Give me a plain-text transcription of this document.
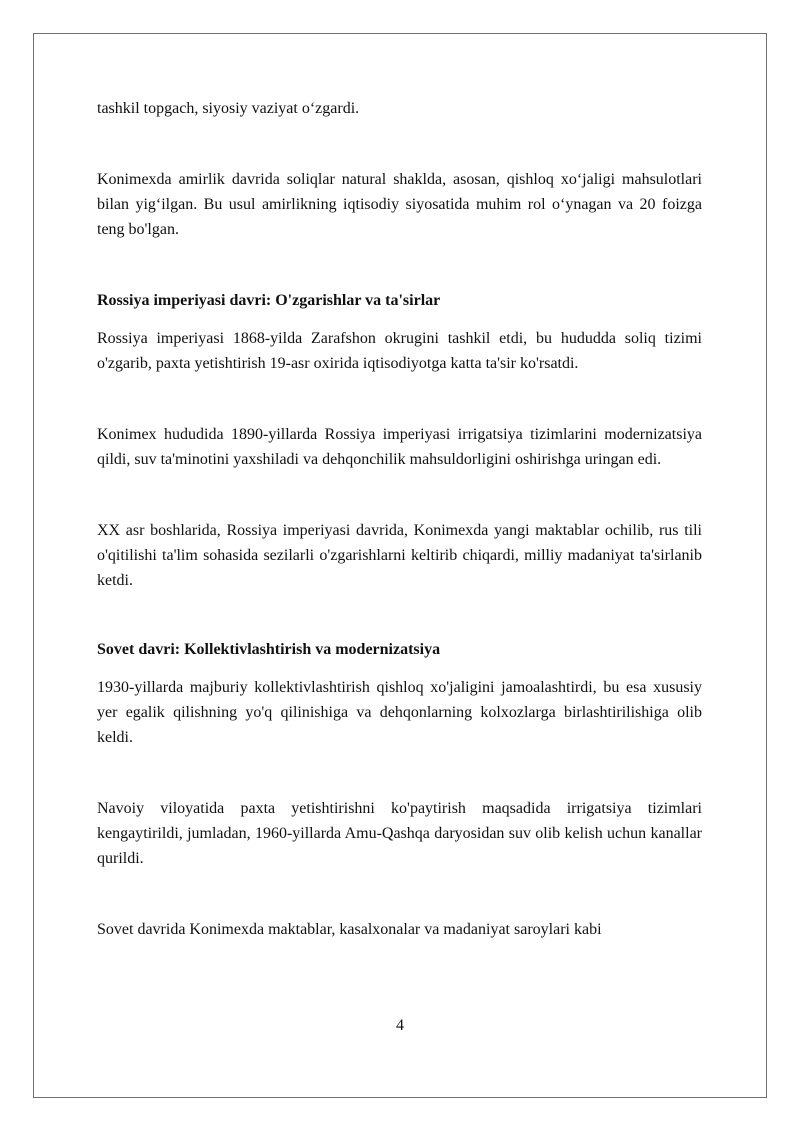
tashkil topgach, siyosiy vaziyat o‘zgardi.

Konimexda amirlik davrida soliqlar natural shaklda, asosan, qishloq xo‘jaligi mahsulotlari bilan yig‘ilgan. Bu usul amirlikning iqtisodiy siyosatida muhim rol o‘ynagan va 20 foizga teng bo'lgan.

Rossiya imperiyasi davri: O'zgarishlar va ta'sirlar

Rossiya imperiyasi 1868-yilda Zarafshon okrugini tashkil etdi, bu hududda soliq tizimi o'zgarib, paxta yetishtirish 19-asr oxirida iqtisodiyotga katta ta'sir ko'rsatdi.

Konimex hududida 1890-yillarda Rossiya imperiyasi irrigatsiya tizimlarini modernizatsiya qildi, suv ta'minotini yaxshiladi va dehqonchilik mahsuldorligini oshirishga uringan edi.

XX asr boshlarida, Rossiya imperiyasi davrida, Konimexda yangi maktablar ochilib, rus tili o'qitilishi ta'lim sohasida sezilarli o'zgarishlarni keltirib chiqardi, milliy madaniyat ta'sirlanib ketdi.

Sovet davri: Kollektivlashtirish va modernizatsiya

1930-yillarda majburiy kollektivlashtirish qishloq xo'jaligini jamoalashtirdi, bu esa xususiy yer egalik qilishning yo'q qilinishiga va dehqonlarning kolxozlarga birlashtirilishiga olib keldi.

Navoiy viloyatida paxta yetishtirishni ko'paytirish maqsadida irrigatsiya tizimlari kengaytirildi, jumladan, 1960-yillarda Amu-Qashqa daryosidan suv olib kelish uchun kanallar qurildi.

Sovet davrida Konimexda maktablar, kasalxonalar va madaniyat saroylari kabi

4
